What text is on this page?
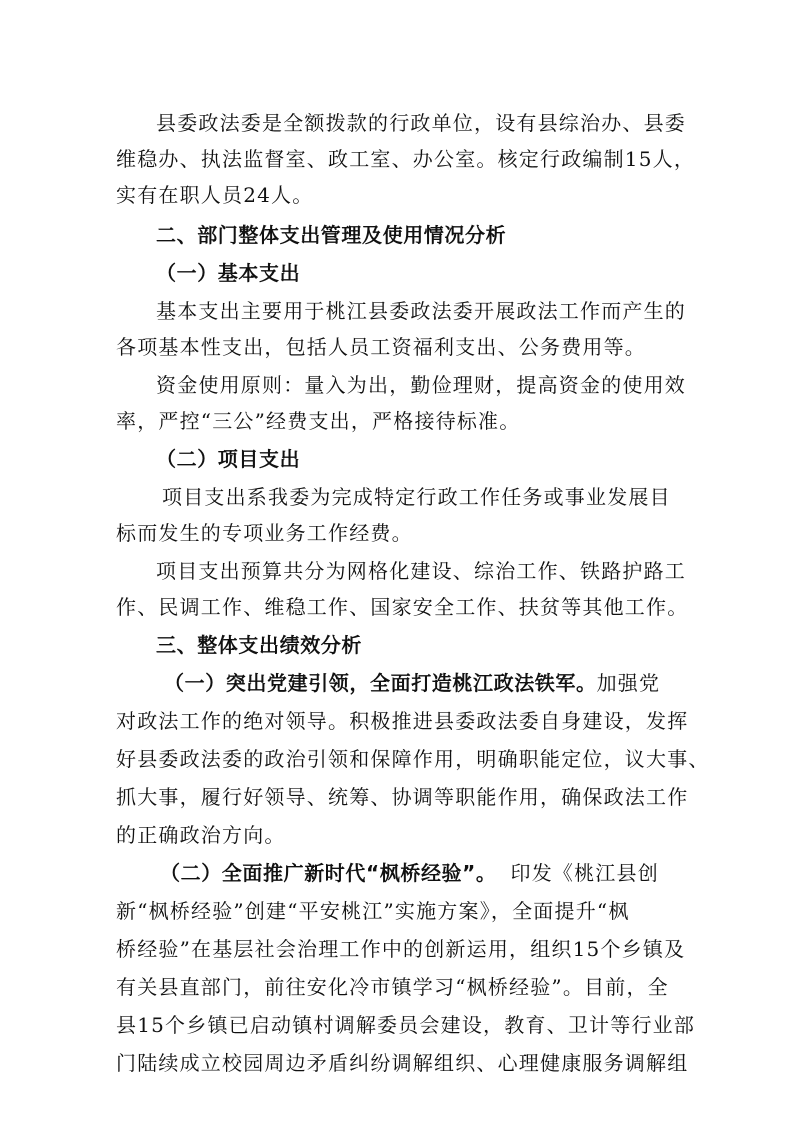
县委政法委是全额拨款的行政单位，设有县综治办、县委
维稳办、执法监督室、政工室、办公室。核定行政编制15人，
实有在职人员24人。
二、部门整体支出管理及使用情况分析
（一）基本支出
基本支出主要用于桃江县委政法委开展政法工作而产生的
各项基本性支出，包括人员工资福利支出、公务费用等。
资金使用原则：量入为出，勤俭理财，提高资金的使用效
率，严控“三公”经费支出，严格接待标准。
（二）项目支出
项目支出系我委为完成特定行政工作任务或事业发展目
标而发生的专项业务工作经费。
项目支出预算共分为网格化建设、综治工作、铁路护路工
作、民调工作、维稳工作、国家安全工作、扶贫等其他工作。
三、整体支出绩效分析
（一）突出党建引领，全面打造桃江政法铁军。加强党
对政法工作的绝对领导。积极推进县委政法委自身建设，发挥
好县委政法委的政治引领和保障作用，明确职能定位，议大事、
抓大事，履行好领导、统筹、协调等职能作用，确保政法工作
的正确政治方向。
（二）全面推广新时代“枫桥经验”。 印发《桃江县创
新“枫桥经验”创建“平安桃江”实施方案》，全面提升“枫
桥经验”在基层社会治理工作中的创新运用，组织15个乡镇及
有关县直部门，前往安化冷市镇学习“枫桥经验”。目前，全
县15个乡镇已启动镇村调解委员会建设，教育、卫计等行业部
门陆续成立校园周边矛盾纠纷调解组织、心理健康服务调解组
